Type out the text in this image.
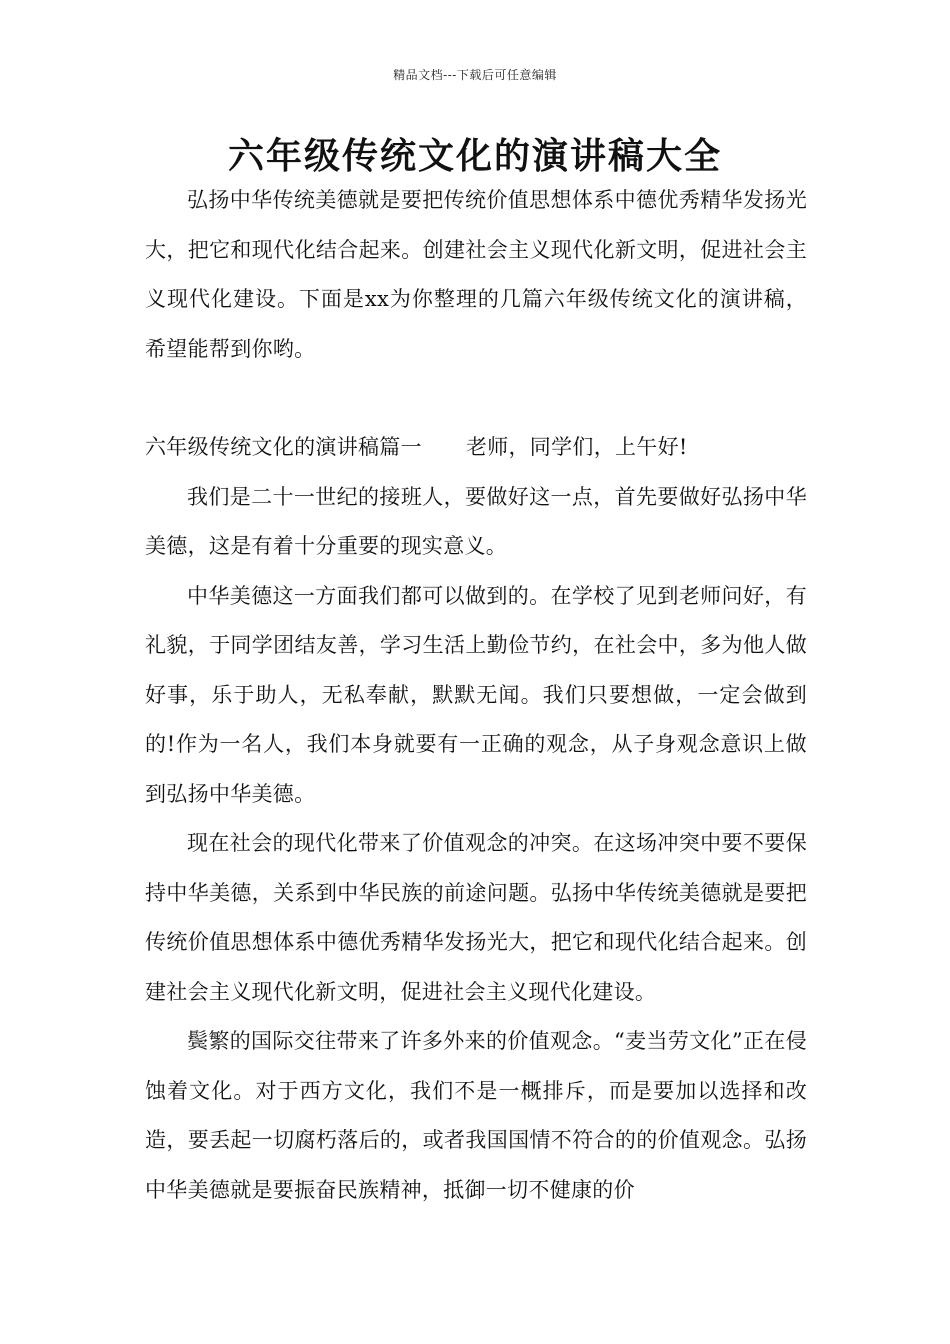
精品文档---下载后可任意编辑
六年级传统文化的演讲稿大全

弘扬中华传统美德就是要把传统价值思想体系中德优秀精华发扬光大，把它和现代化结合起来。创建社会主义现代化新文明，促进社会主义现代化建设。下面是xx为你整理的几篇六年级传统文化的演讲稿，希望能帮到你哟。

六年级传统文化的演讲稿篇一 老师，同学们，上午好!

我们是二十一世纪的接班人，要做好这一点，首先要做好弘扬中华美德，这是有着十分重要的现实意义。

中华美德这一方面我们都可以做到的。在学校了见到老师问好，有礼貌，于同学团结友善，学习生活上勤俭节约，在社会中，多为他人做好事，乐于助人，无私奉献，默默无闻。我们只要想做，一定会做到的!作为一名人，我们本身就要有一正确的观念，从子身观念意识上做到弘扬中华美德。

现在社会的现代化带来了价值观念的冲突。在这场冲突中要不要保持中华美德，关系到中华民族的前途问题。弘扬中华传统美德就是要把传统价值思想体系中德优秀精华发扬光大，把它和现代化结合起来。创建社会主义现代化新文明，促进社会主义现代化建设。

鬓繁的国际交往带来了许多外来的价值观念。“麦当劳文化”正在侵蚀着文化。对于西方文化，我们不是一概排斥，而是要加以选择和改造，要丢起一切腐朽落后的，或者我国国情不符合的的价值观念。弘扬中华美德就是要振奋民族精神，抵御一切不健康的价
